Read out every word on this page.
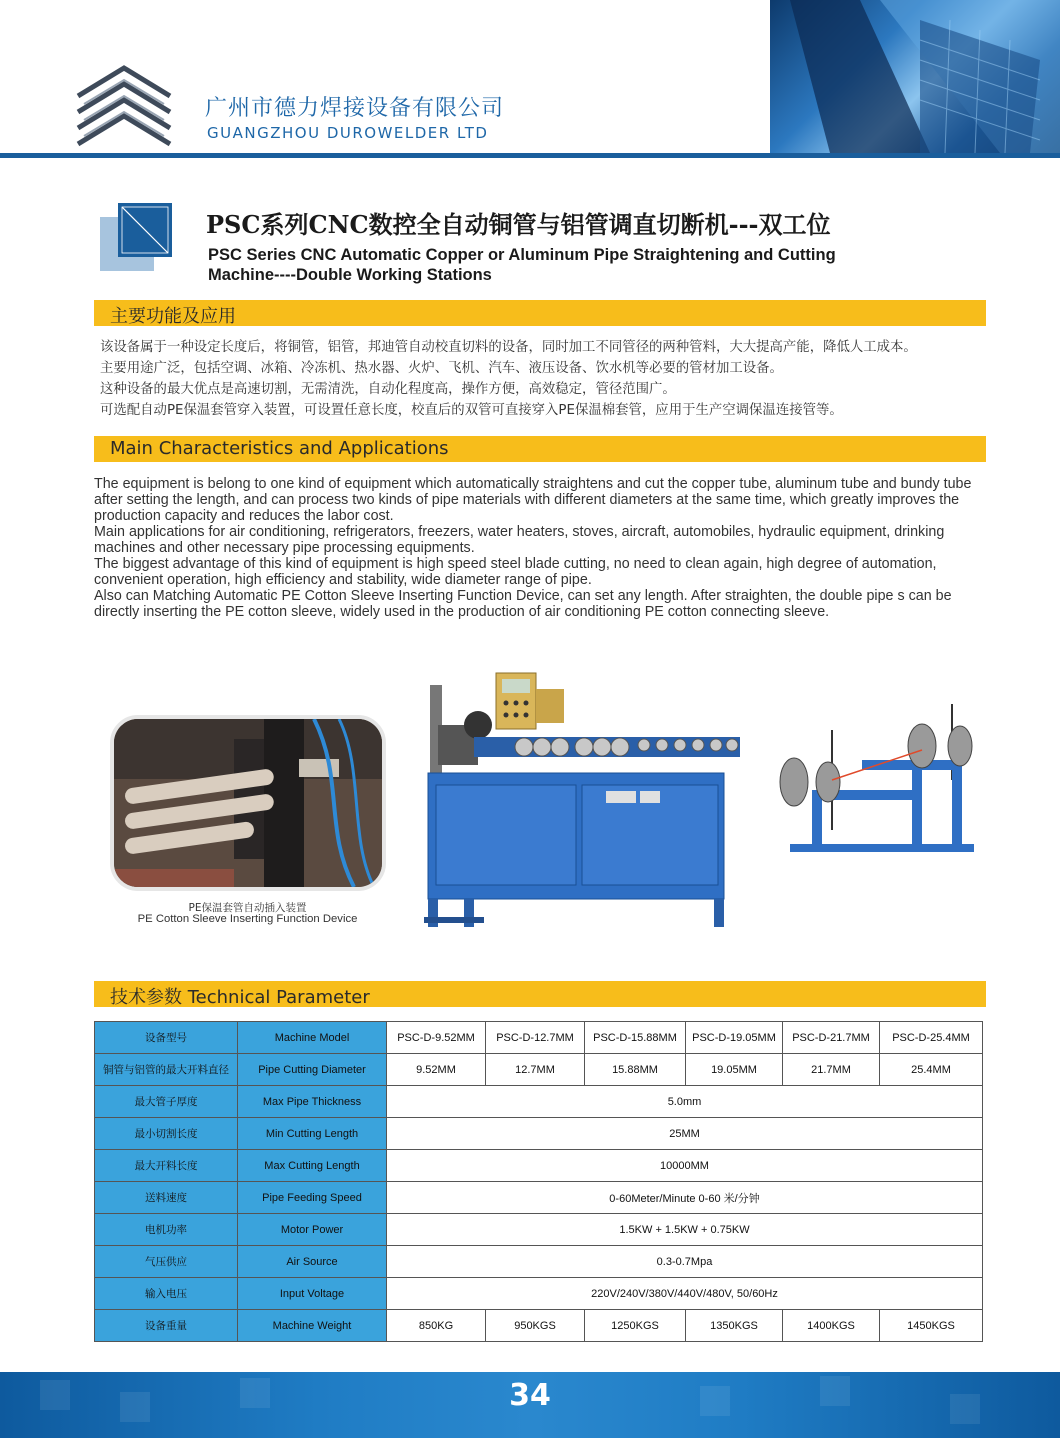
广州市德力焊接设备有限公司
GUANGZHOU DUROWELDER LTD
PSC系列CNC数控全自动铜管与铝管调直切断机---双工位
PSC Series CNC Automatic Copper or Aluminum Pipe Straightening and Cutting
Machine----Double Working Stations
主要功能及应用

该设备属于一种设定长度后，将铜管，铝管，邦迪管自动校直切料的设备，同时加工不同管径的两种管料，大大提高产能，降低人工成本。

主要用途广泛，包括空调、冰箱、冷冻机、热水器、火炉、飞机、汽车、液压设备、饮水机等必要的管材加工设备。

这种设备的最大优点是高速切割，无需清洗，自动化程度高，操作方便，高效稳定，管径范围广。

可选配自动PE保温套管穿入装置，可设置任意长度，校直后的双管可直接穿入PE保温棉套管，应用于生产空调保温连接管等。

Main Characteristics and Applications

The equipment is belong to one kind of equipment which automatically straightens and cut the copper tube, aluminum tube and bundy tube after setting the length, and can process two kinds of pipe materials with different diameters at the same time, which greatly improves the production capacity and reduces the labor cost.

Main applications for air conditioning, refrigerators, freezers, water heaters, stoves, aircraft, automobiles, hydraulic equipment, drinking machines and other necessary pipe processing equipments.

The biggest advantage of this kind of equipment is high speed steel blade cutting, no need to clean again, high degree of automation, convenient operation, high efficiency and stability, wide diameter range of pipe.

Also can Matching Automatic PE Cotton Sleeve Inserting Function Device, can set any length. After straighten, the double pipe s can be directly inserting the PE cotton sleeve, widely used in the production of air conditioning PE cotton connecting sleeve.

PE保温套管自动插入装置
PE Cotton Sleeve Inserting Function Device
技术参数 Technical Parameter
设备型号	Machine Model	PSC-D-9.52MM	PSC-D-12.7MM	PSC-D-15.88MM	PSC-D-19.05MM	PSC-D-21.7MM	PSC-D-25.4MM
铜管与铝管的最大开料直径	Pipe Cutting Diameter	9.52MM	12.7MM	15.88MM	19.05MM	21.7MM	25.4MM
最大管子厚度	Max Pipe Thickness	5.0mm					
最小切割长度	Min Cutting Length	25MM					
最大开料长度	Max Cutting Length	10000MM					
送料速度	Pipe Feeding Speed	0-60Meter/Minute 0-60 米/分钟					
电机功率	Motor Power	1.5KW + 1.5KW + 0.75KW					
气压供应	Air Source	0.3-0.7Mpa					
输入电压	Input Voltage	220V/240V/380V/440V/480V, 50/60Hz					
设备重量	Machine Weight	850KG	950KGS	1250KGS	1350KGS	1400KGS	1450KGS
34
